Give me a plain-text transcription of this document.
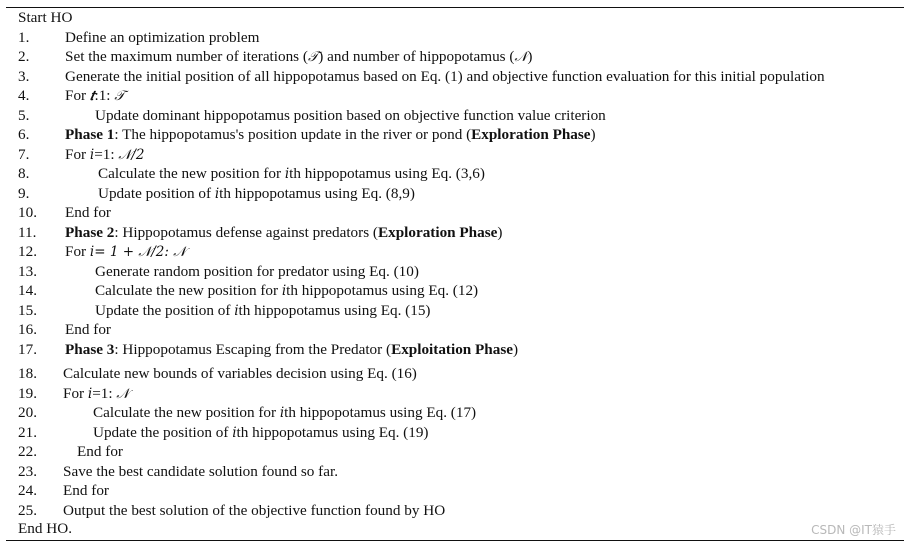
Start HO
1. Define an optimization problem
2. Set the maximum number of iterations (𝒯) and number of hippopotamus (𝒩)
3. Generate the initial position of all hippopotamus based on Eq. (1) and objective function evaluation for this initial population
4. For 𝒕:1: 𝒯
5.	Update dominant hippopotamus position based on objective function value criterion
6. Phase 1: The hippopotamus's position update in the river or pond (Exploration Phase)
7. For 𝑖=1: 𝒩/2
8.	Calculate the new position for 𝑖th hippopotamus using Eq. (3,6)
9.	Update position of 𝑖th hippopotamus using Eq. (8,9)
10. End for
11. Phase 2: Hippopotamus defense against predators (Exploration Phase)
12. For 𝑖= 1 + 𝒩/2: 𝒩
13.	Generate random position for predator using Eq. (10)
14.	Calculate the new position for 𝑖th hippopotamus using Eq. (12)
15.	Update the position of 𝑖th hippopotamus using Eq. (15)
16. End for
17. Phase 3: Hippopotamus Escaping from the Predator (Exploitation Phase)
18. Calculate new bounds of variables decision using Eq. (16)
19. For 𝑖=1: 𝒩
20.	Calculate the new position for 𝑖th hippopotamus using Eq. (17)
21.	Update the position of 𝑖th hippopotamus using Eq. (19)
22.	End for
23. Save the best candidate solution found so far.
24. End for
25. Output the best solution of the objective function found by HO
End HO.	CSDN @IT猿手
